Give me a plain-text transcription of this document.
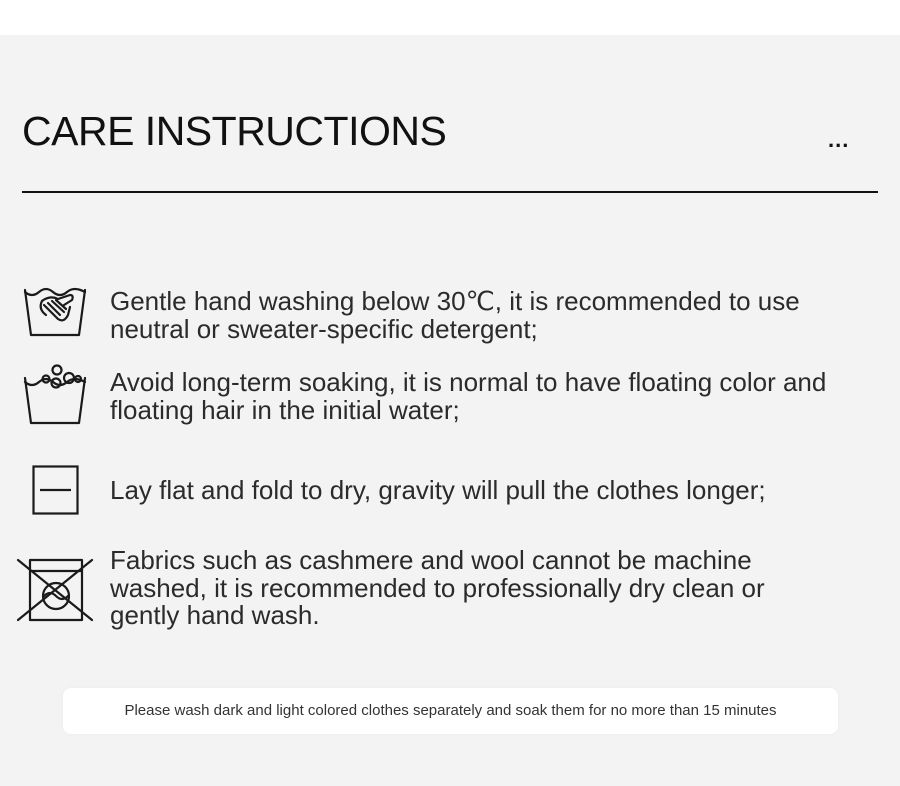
CARE INSTRUCTIONS	...

Gentle hand washing below 30℃, it is recommended to use neutral or sweater-specific detergent;

Avoid long-term soaking, it is normal to have floating color and floating hair in the initial water;

Lay flat and fold to dry, gravity will pull the clothes longer;

Fabrics such as cashmere and wool cannot be machine washed, it is recommended to professionally dry clean or gently hand wash.

Please wash dark and light colored clothes separately and soak them for no more than 15 minutes
